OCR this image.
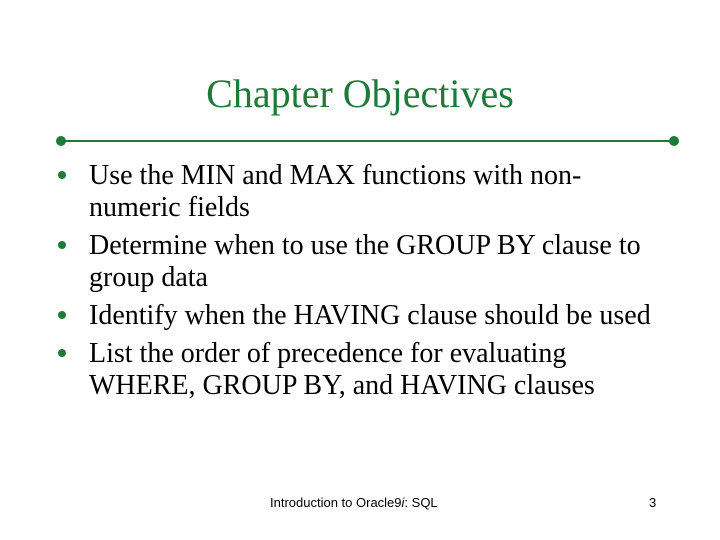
Chapter Objectives
Use the MIN and MAX functions with non-numeric fields
Determine when to use the GROUP BY clause to group data
Identify when the HAVING clause should be used
List the order of precedence for evaluating WHERE, GROUP BY, and HAVING clauses
Introduction to Oracle9i: SQL	3
